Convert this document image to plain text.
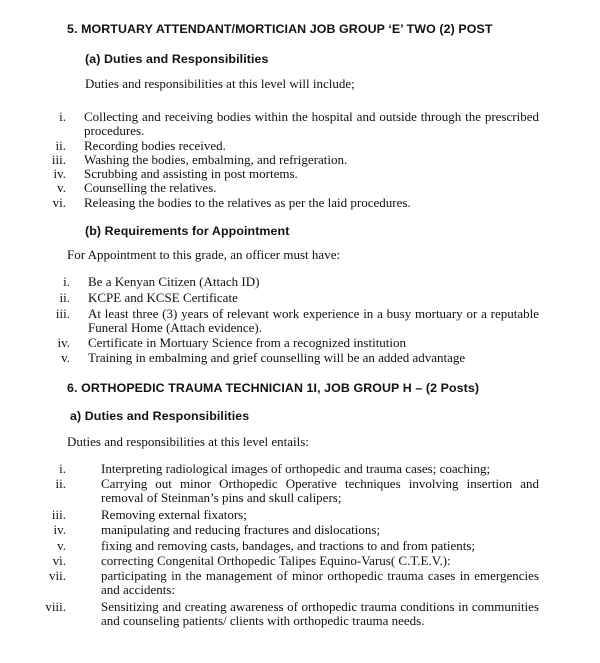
5. MORTUARY ATTENDANT/MORTICIAN JOB GROUP ‘E’ TWO (2) POST
(a) Duties and Responsibilities
Duties and responsibilities at this level will include;
i. Collecting and receiving bodies within the hospital and outside through the prescribed procedures.
ii. Recording bodies received.
iii. Washing the bodies, embalming, and refrigeration.
iv. Scrubbing and assisting in post mortems.
v. Counselling the relatives.
vi. Releasing the bodies to the relatives as per the laid procedures.
(b) Requirements for Appointment
For Appointment to this grade, an officer must have:
i. Be a Kenyan Citizen (Attach ID)
ii. KCPE and KCSE Certificate
iii. At least three (3) years of relevant work experience in a busy mortuary or a reputable Funeral Home (Attach evidence).
iv. Certificate in Mortuary Science from a recognized institution
v. Training in embalming and grief counselling will be an added advantage
6. ORTHOPEDIC TRAUMA TECHNICIAN 1I, JOB GROUP H – (2 Posts)
a) Duties and Responsibilities
Duties and responsibilities at this level entails:
i.	Interpreting radiological images of orthopedic and trauma cases; coaching;
ii.	Carrying out minor Orthopedic Operative techniques involving insertion and removal of Steinman’s pins and skull calipers;
iii.	Removing external fixators;
iv.	manipulating and reducing fractures and dislocations;
v.	fixing and removing casts, bandages, and tractions to and from patients;
vi.	correcting Congenital Orthopedic Talipes Equino-Varus( C.T.E.V.):
vii.	participating in the management of minor orthopedic trauma cases in emergencies and accidents:
viii.	Sensitizing and creating awareness of orthopedic trauma conditions in communities and counseling patients/ clients with orthopedic trauma needs.
